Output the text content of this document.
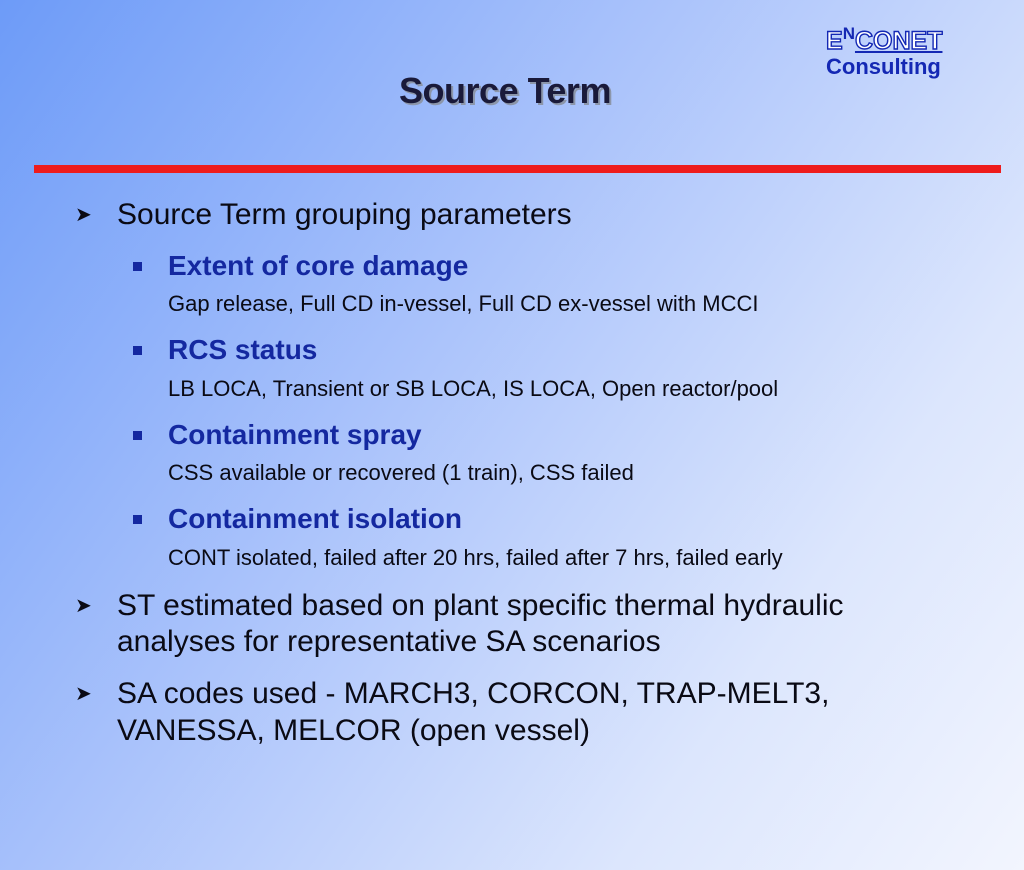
E N CONET
Consulting
Source Term
➤ Source Term grouping parameters
Extent of core damage
Gap release, Full CD in-vessel, Full CD ex-vessel with MCCI
RCS status
LB LOCA, Transient or SB LOCA, IS LOCA, Open reactor/pool
Containment spray
CSS available or recovered (1 train), CSS failed
Containment isolation
CONT isolated, failed after 20 hrs, failed after 7 hrs, failed early
➤ ST estimated based on plant specific thermal hydraulic
analyses for representative SA scenarios
➤ SA codes used - MARCH3, CORCON, TRAP-MELT3,
VANESSA, MELCOR (open vessel)
